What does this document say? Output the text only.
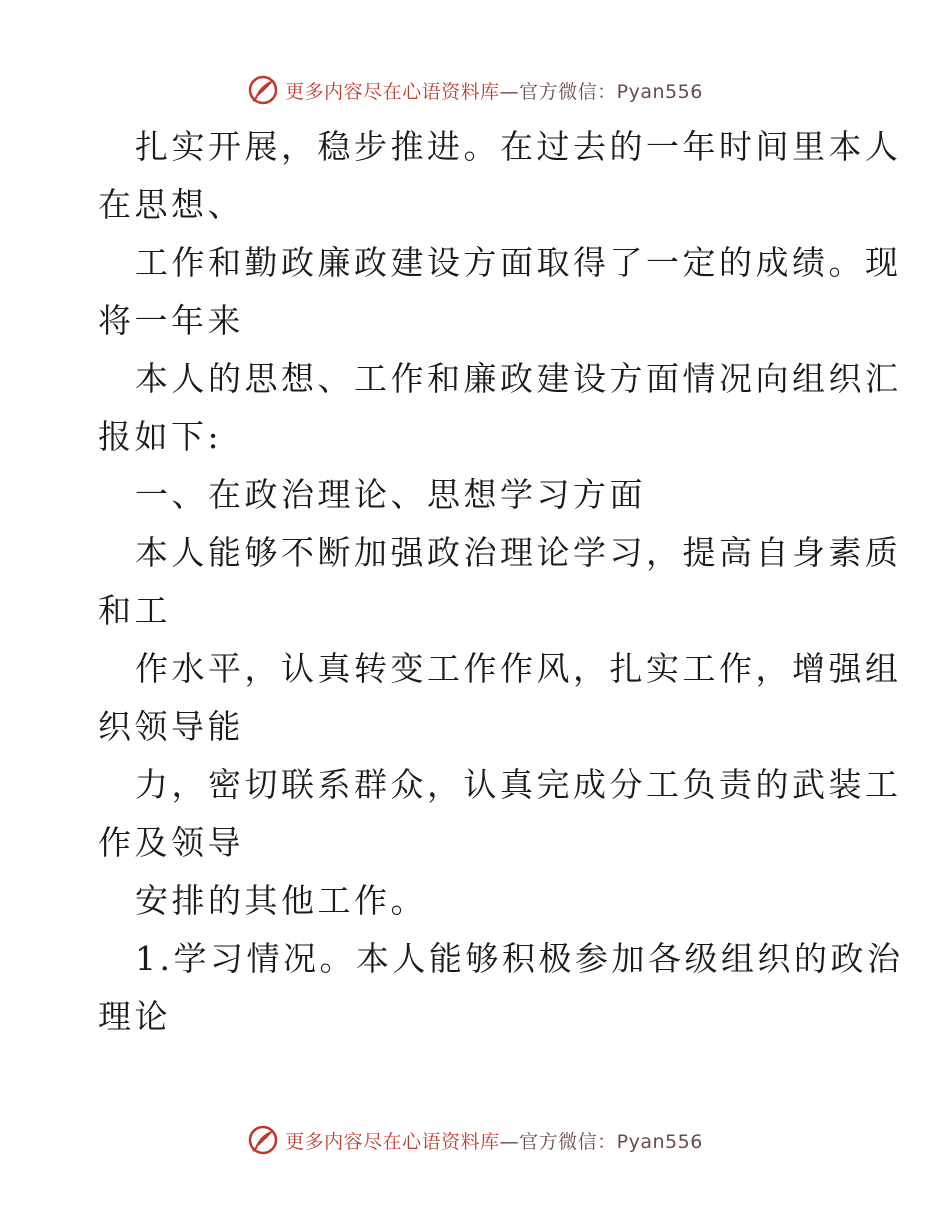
更多内容尽在心语资料库—官方微信：Pyan556
扎实开展，稳步推进。在过去的一年时间里本人
在思想、
工作和勤政廉政建设方面取得了一定的成绩。现
将一年来
本人的思想、工作和廉政建设方面情况向组织汇
报如下:
一、在政治理论、思想学习方面
本人能够不断加强政治理论学习，提高自身素质
和工
作水平，认真转变工作作风，扎实工作，增强组
织领导能
力，密切联系群众，认真完成分工负责的武装工
作及领导
安排的其他工作。
1.学习情况。本人能够积极参加各级组织的政治
理论
更多内容尽在心语资料库—官方微信：Pyan556
